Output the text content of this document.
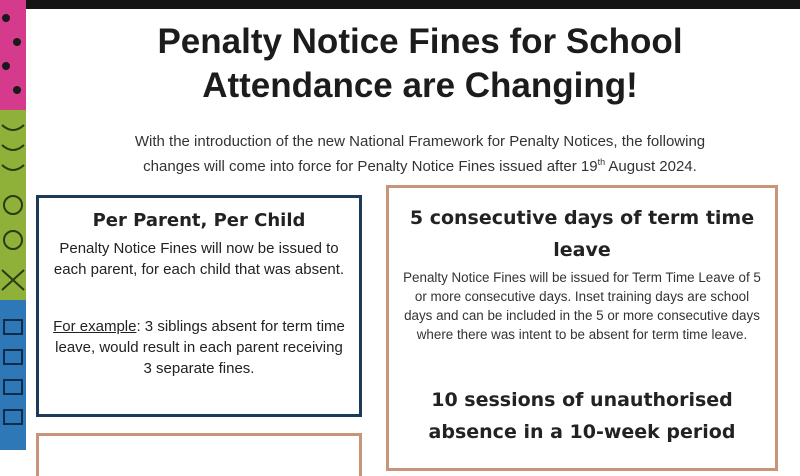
Penalty Notice Fines for School
Attendance are Changing!
With the introduction of the new National Framework for Penalty Notices, the following
changes will come into force for Penalty Notice Fines issued after 19th August 2024.
Per Parent, Per Child
Penalty Notice Fines will now be issued to each parent, for each child that was absent.
For example: 3 siblings absent for term time leave, would result in each parent receiving 3 separate fines.
5 consecutive days of term time leave
Penalty Notice Fines will be issued for Term Time Leave of 5 or more consecutive days. Inset training days are school days and can be included in the 5 or more consecutive days where there was intent to be absent for term time leave.
10 sessions of unauthorised absence in a 10-week period
